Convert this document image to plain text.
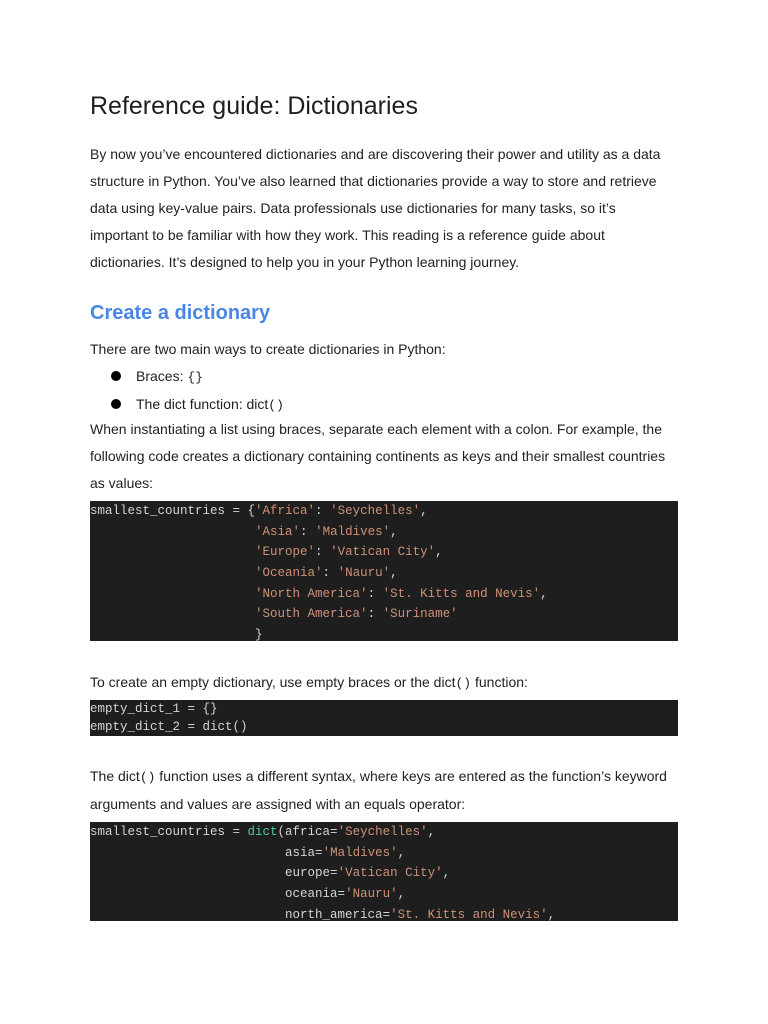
Reference guide: Dictionaries
By now you’ve encountered dictionaries and are discovering their power and utility as a data
structure in Python. You’ve also learned that dictionaries provide a way to store and retrieve
data using key-value pairs. Data professionals use dictionaries for many tasks, so it’s
important to be familiar with how they work. This reading is a reference guide about
dictionaries. It’s designed to help you in your Python learning journey.
Create a dictionary

There are two main ways to create dictionaries in Python:

Braces: {}
The dict function: dict()
When instantiating a list using braces, separate each element with a colon. For example, the
following code creates a dictionary containing continents as keys and their smallest countries
as values:
smallest_countries = {'Africa': 'Seychelles',
'Asia': 'Maldives',
'Europe': 'Vatican City',
'Oceania': 'Nauru',
'North America': 'St. Kitts and Nevis',
'South America': 'Suriname'
}

To create an empty dictionary, use empty braces or the dict() function:

empty_dict_1 = {}
empty_dict_2 = dict()
The dict() function uses a different syntax, where keys are entered as the function’s keyword
arguments and values are assigned with an equals operator:
smallest_countries = dict(africa='Seychelles',
asia='Maldives',
europe='Vatican City',
oceania='Nauru',
north_america='St. Kitts and Nevis',
